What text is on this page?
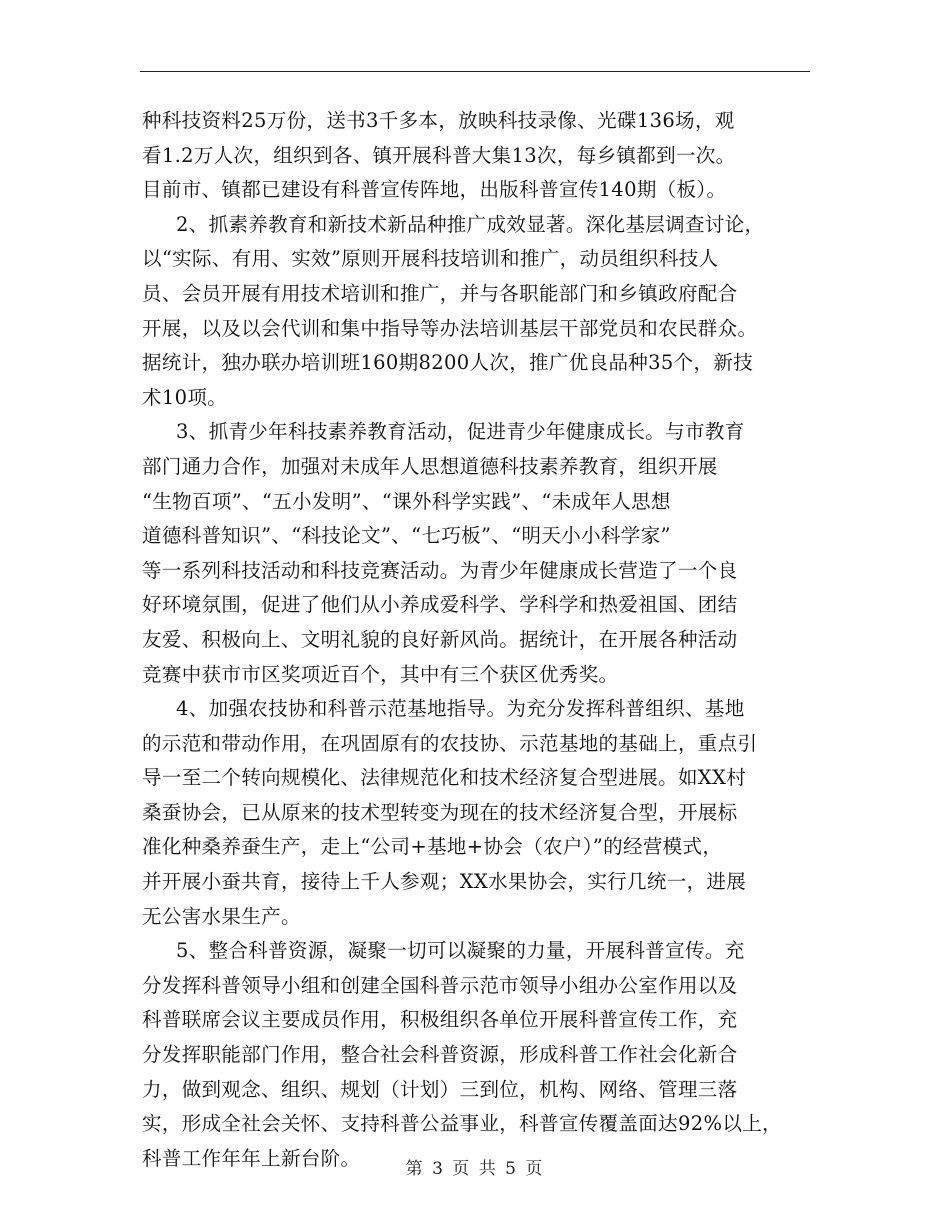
种科技资料25万份，送书3千多本，放映科技录像、光碟136场，观
看1.2万人次，组织到各、镇开展科普大集13次，每乡镇都到一次。
目前市、镇都已建设有科普宣传阵地，出版科普宣传140期（板）。
2、抓素养教育和新技术新品种推广成效显著。深化基层调查讨论，
以“实际、有用、实效”原则开展科技培训和推广，动员组织科技人
员、会员开展有用技术培训和推广，并与各职能部门和乡镇政府配合
开展，以及以会代训和集中指导等办法培训基层干部党员和农民群众。
据统计，独办联办培训班160期8200人次，推广优良品种35个，新技
术10项。
3、抓青少年科技素养教育活动，促进青少年健康成长。与市教育
部门通力合作，加强对未成年人思想道德科技素养教育，组织开展
“生物百项”、“五小发明”、“课外科学实践”、“未成年人思想
道德科普知识”、“科技论文”、“七巧板”、“明天小小科学家”
等一系列科技活动和科技竞赛活动。为青少年健康成长营造了一个良
好环境氛围，促进了他们从小养成爱科学、学科学和热爱祖国、团结
友爱、积极向上、文明礼貌的良好新风尚。据统计，在开展各种活动
竞赛中获市市区奖项近百个，其中有三个获区优秀奖。
4、加强农技协和科普示范基地指导。为充分发挥科普组织、基地
的示范和带动作用，在巩固原有的农技协、示范基地的基础上，重点引
导一至二个转向规模化、法律规范化和技术经济复合型进展。如XX村
桑蚕协会，已从原来的技术型转变为现在的技术经济复合型，开展标
准化种桑养蚕生产，走上“公司+基地+协会（农户）”的经营模式，
并开展小蚕共育，接待上千人参观；XX水果协会，实行几统一，进展
无公害水果生产。
5、整合科普资源，凝聚一切可以凝聚的力量，开展科普宣传。充
分发挥科普领导小组和创建全国科普示范市领导小组办公室作用以及
科普联席会议主要成员作用，积极组织各单位开展科普宣传工作，充
分发挥职能部门作用，整合社会科普资源，形成科普工作社会化新合
力，做到观念、组织、规划（计划）三到位，机构、网络、管理三落
实，形成全社会关怀、支持科普公益事业，科普宣传覆盖面达92%以上，
科普工作年年上新台阶。	第 3 页 共 5 页
